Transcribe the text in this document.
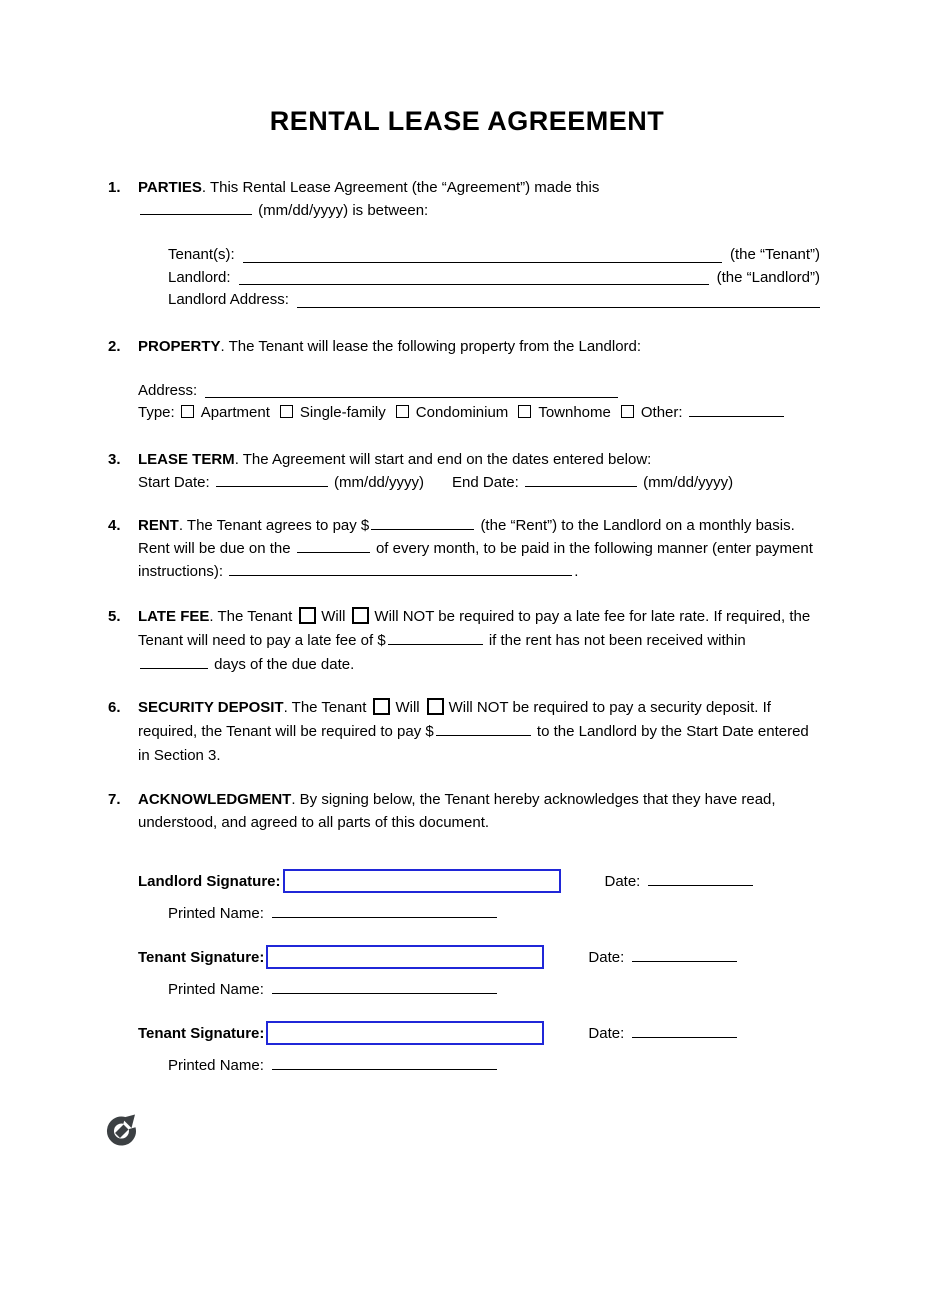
RENTAL LEASE AGREEMENT
1.	PARTIES. This Rental Lease Agreement (the “Agreement”) made this
(mm/dd/yyyy) is between:

Tenant(s):	(the “Tenant”)
Landlord:	(the “Landlord”)
Landlord Address:
2.	PROPERTY. The Tenant will lease the following property from the Landlord:

Address:
Type: Apartment Single-family Condominium Townhome Other:
3.	LEASE TERM. The Agreement will start and end on the dates entered below:
Start Date:	(mm/dd/yyyy) End Date:	(mm/dd/yyyy)

4.	RENT. The Tenant agrees to pay $	(the “Rent”) to the Landlord on a monthly basis. Rent will be due on the	of every month, to be paid in the following manner (enter payment instructions):	.

5.	LATE FEE. The Tenant Will Will NOT be required to pay a late fee for late rate. If required, the Tenant will need to pay a late fee of $	if the rent has not been received within  days of the due date.

6.	SECURITY DEPOSIT. The Tenant Will Will NOT be required to pay a security deposit. If required, the Tenant will be required to pay $	to the Landlord by the Start Date entered in Section 3.

7.	ACKNOWLEDGMENT. By signing below, the Tenant hereby acknowledges that they have read, understood, and agreed to all parts of this document.

Landlord Signature:	Date:
Printed Name:
Tenant Signature:	Date:
Printed Name:
Tenant Signature:	Date:
Printed Name:
